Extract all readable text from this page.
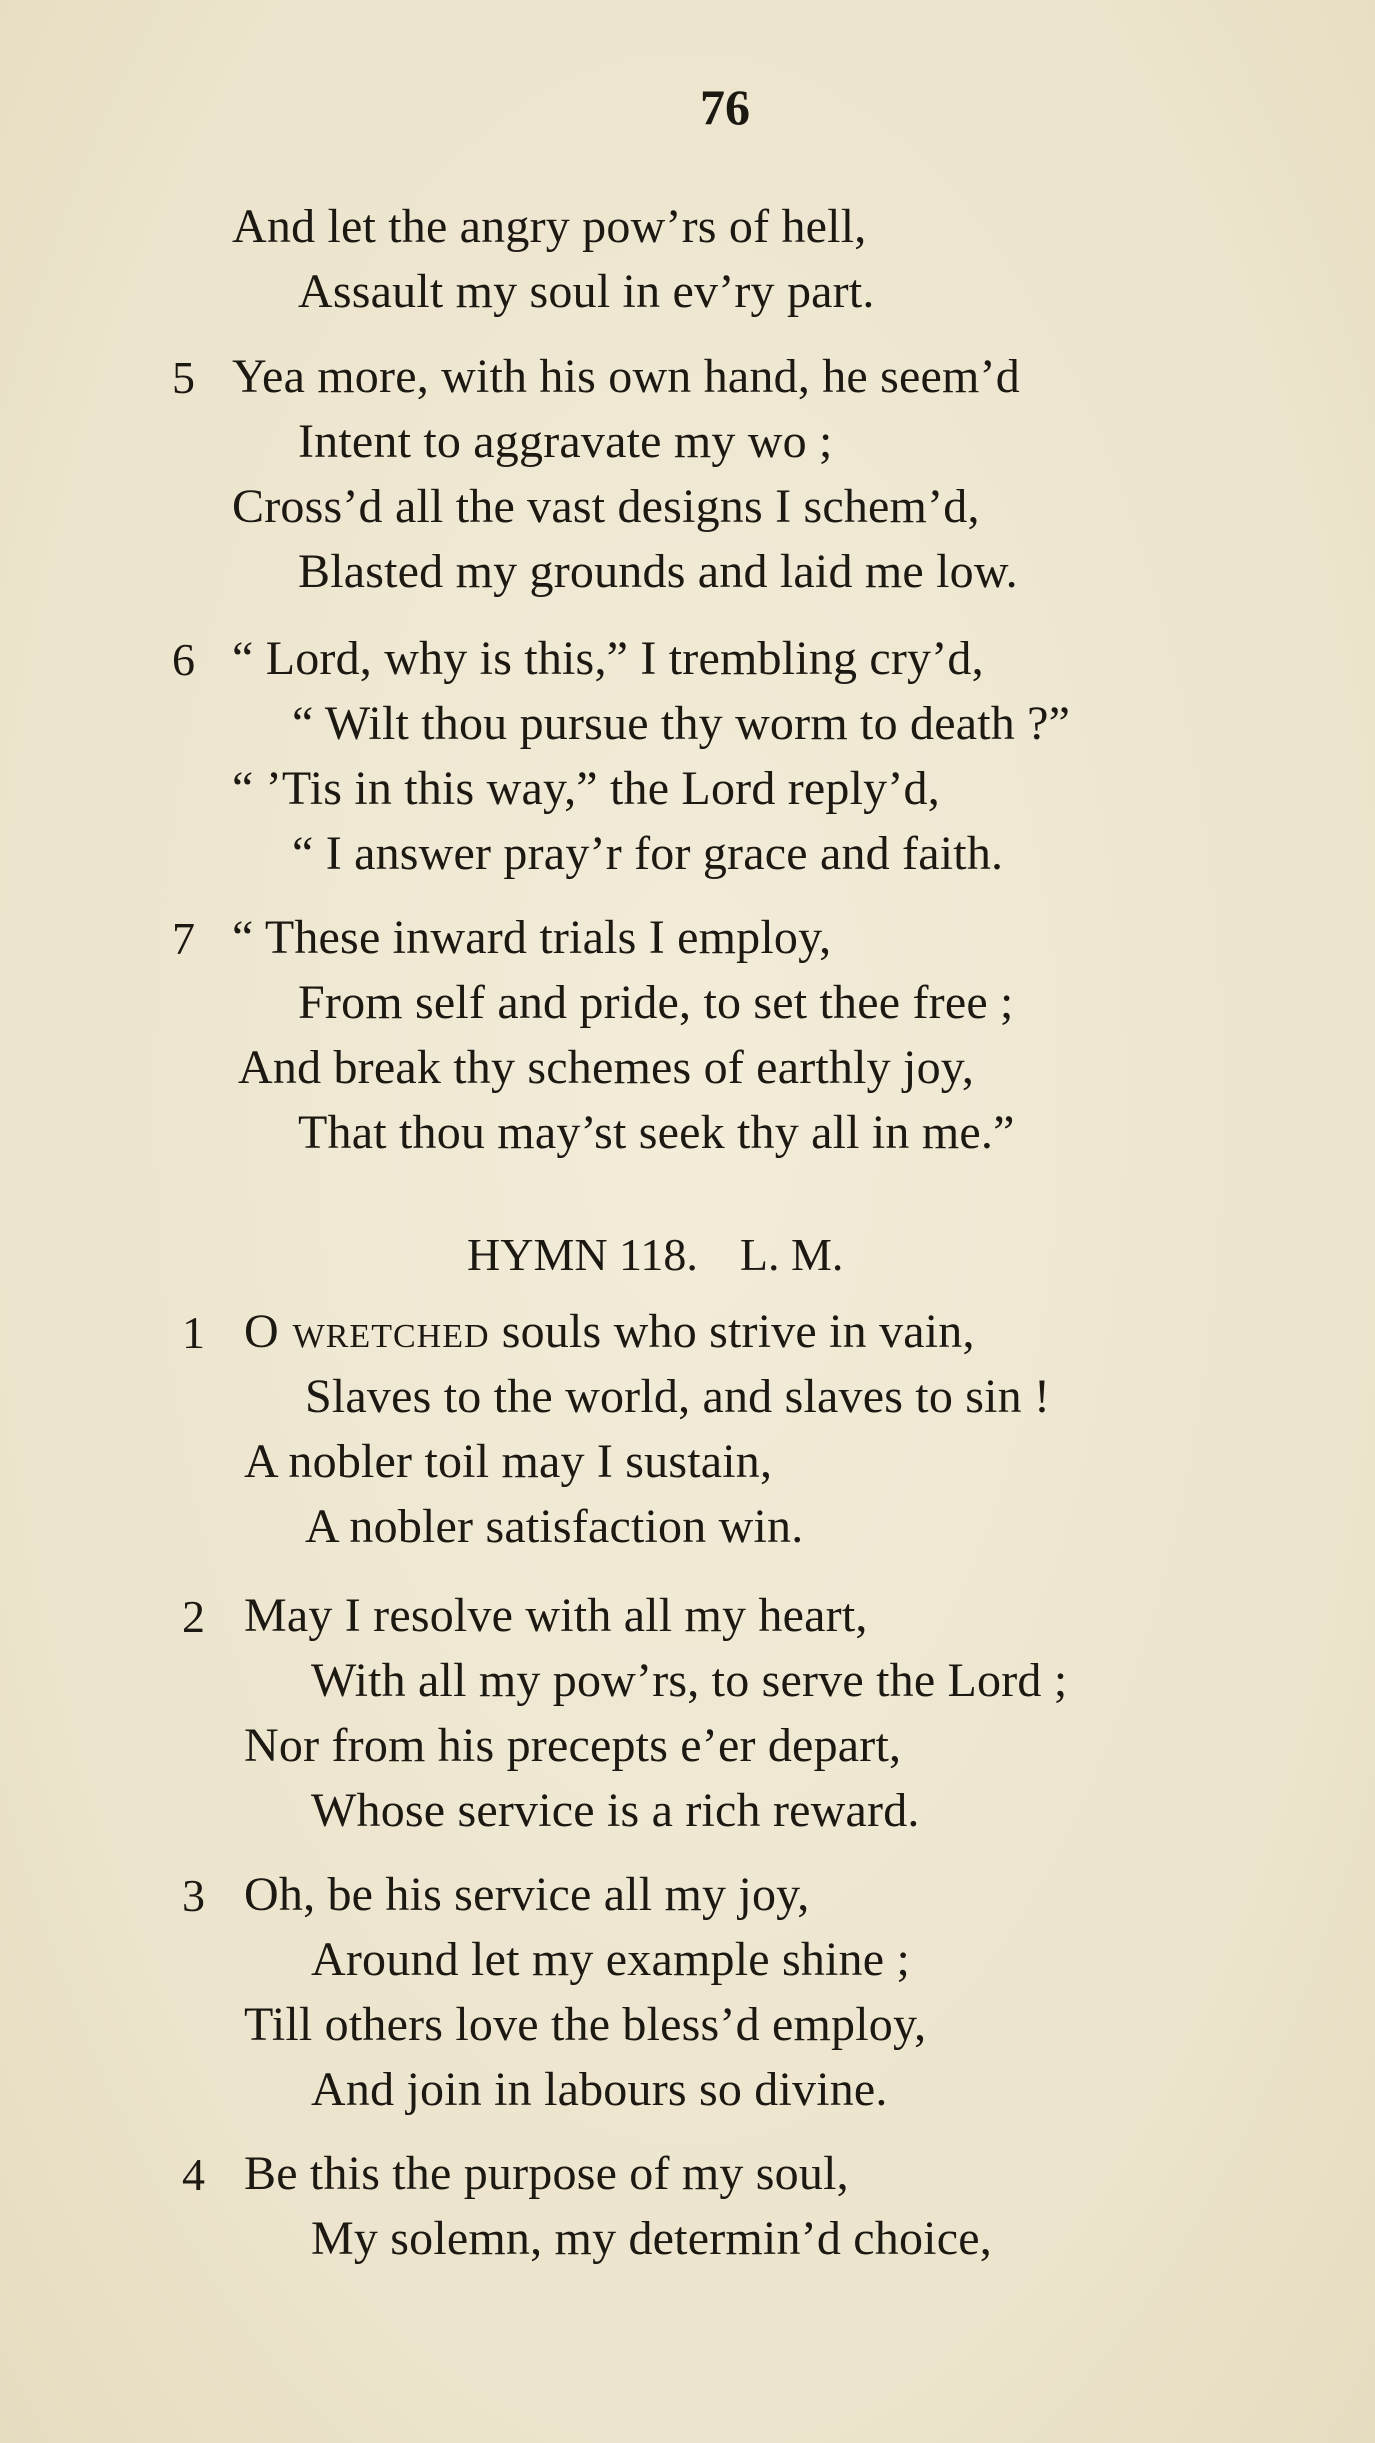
76
And let the angry pow’rs of hell,
Assault my soul in ev’ry part.
5 Yea more, with his own hand, he seem’d
Intent to aggravate my wo ;
Cross’d all the vast designs I schem’d,
Blasted my grounds and laid me low.
6 “ Lord, why is this,” I trembling cry’d,
“ Wilt thou pursue thy worm to death ?”
“ ’Tis in this way,” the Lord reply’d,
“ I answer pray’r for grace and faith.
7 “ These inward trials I employ,
From self and pride, to set thee free ;
And break thy schemes of earthly joy,
That thou may’st seek thy all in me.”
HYMN 118. L. M.
1 O wretched souls who strive in vain,
Slaves to the world, and slaves to sin !
A nobler toil may I sustain,
A nobler satisfaction win.
2 May I resolve with all my heart,
With all my pow’rs, to serve the Lord ;
Nor from his precepts e’er depart,
Whose service is a rich reward.
3 Oh, be his service all my joy,
Around let my example shine ;
Till others love the bless’d employ,
And join in labours so divine.
4 Be this the purpose of my soul,
My solemn, my determin’d choice,
